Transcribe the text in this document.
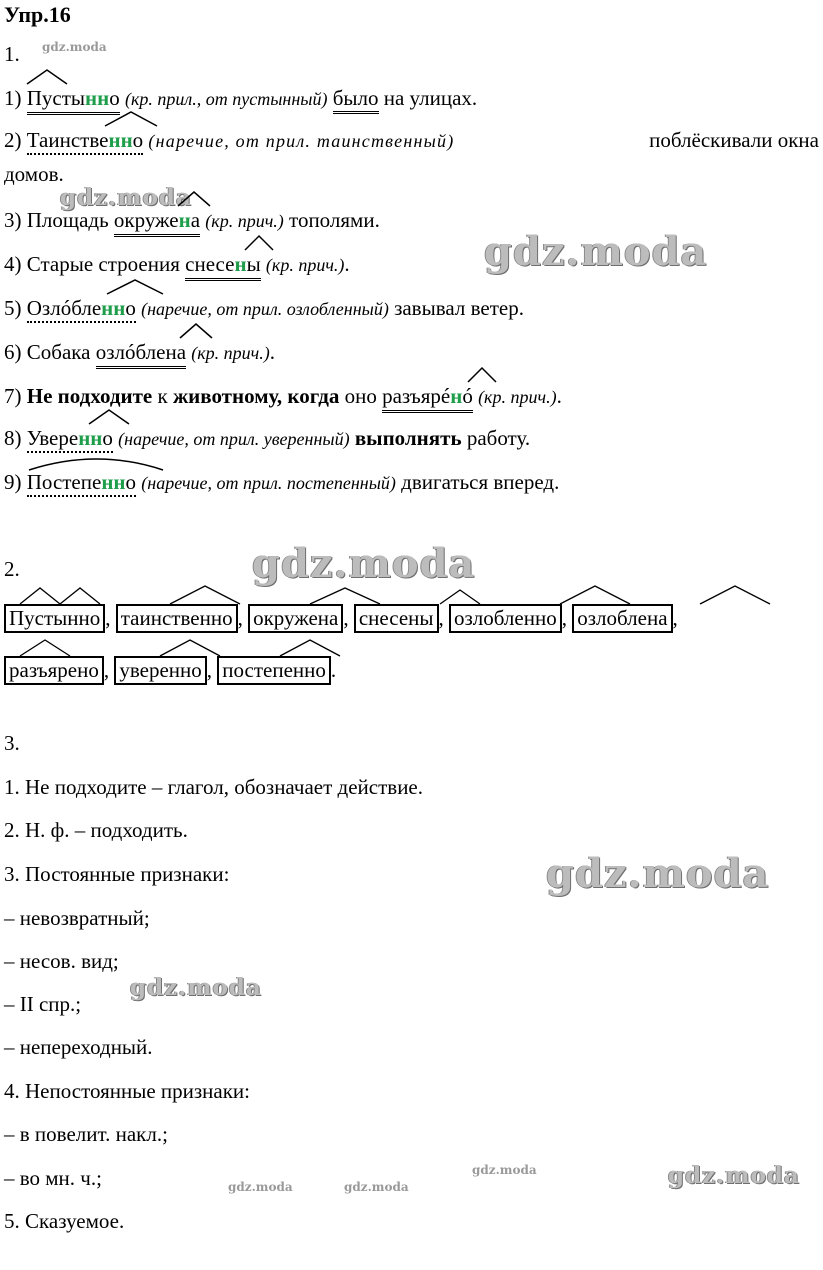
Упр.16
1. gdz.moda
1) Пустынно (кр. прил., от пустынный) было на улицах.
2) Таинственно (наречие, от прил. таинственный)	поблёскивали окна
домов.
gdz.moda
3) Площадь окружена (кр. прич.) тополями.
4) Старые строения снесены (кр. прич.).	gdz.moda
5) Озлóбленно (наречие, от прил. озлобленный) завывал ветер.
6) Собака озлóблена (кр. прич.).
7) Не подходите к животному, когда оно разъярéнó (кр. прич.).
8) Уверенно (наречие, от прил. уверенный) выполнять работу.
9) Постепенно (наречие, от прил. постепенный) двигаться вперед.
2.	gdz.moda
Пустынно , таинственно , окружена , снесены , озлобленно , озлоблена ,
разъярено , уверенно , постепенно .
3.
1. Не подходите – глагол, обозначает действие.
2. Н. ф. – подходить.
3. Постоянные признаки:	gdz.moda
– невозвратный;
– несов. вид;
– II спр.;
gdz.moda
– непереходный.
4. Непостоянные признаки:
– в повелит. накл.;
– во мн. ч.;	gdz.moda	gdz.moda
gdz.moda	gdz.moda
5. Сказуемое.
